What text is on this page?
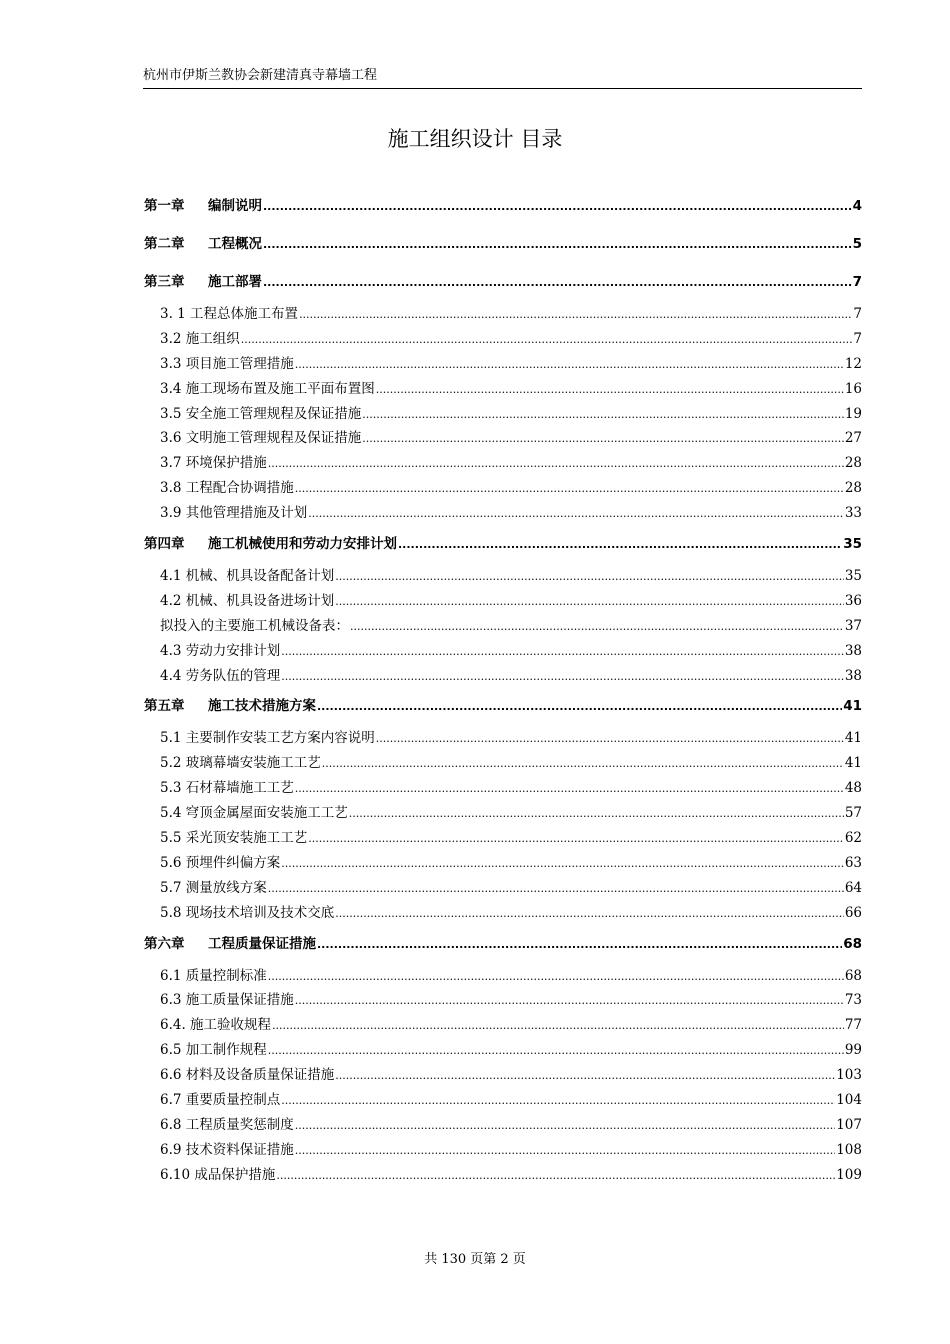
杭州市伊斯兰教协会新建清真寺幕墙工程
施工组织设计 目录
第一章 编制说明 .....	4
第二章 工程概况 .....	5
第三章 施工部署 .....	7
3. 1 工程总体施工布置 .....	7
3.2 施工组织 .....	7
3.3 项目施工管理措施 .....	12
3.4 施工现场布置及施工平面布置图 .....	16
3.5 安全施工管理规程及保证措施 .....	19
3.6 文明施工管理规程及保证措施 .....	27
3.7 环境保护措施 .....	28
3.8 工程配合协调措施 .....	28
3.9 其他管理措施及计划 .....	33
第四章 施工机械使用和劳动力安排计划 .....	35
4.1 机械、机具设备配备计划 .....	35
4.2 机械、机具设备进场计划 .....	36
拟投入的主要施工机械设备表： .....	37
4.3 劳动力安排计划 .....	38
4.4 劳务队伍的管理 .....	38
第五章 施工技术措施方案 .....	41
5.1 主要制作安装工艺方案内容说明 .....	41
5.2 玻璃幕墙安装施工工艺 .....	41
5.3 石材幕墙施工工艺 .....	48
5.4 穹顶金属屋面安装施工工艺 .....	57
5.5 采光顶安装施工工艺 .....	62
5.6 预埋件纠偏方案 .....	63
5.7 测量放线方案 .....	64
5.8 现场技术培训及技术交底 .....	66
第六章 工程质量保证措施 .....	68
6.1 质量控制标准 .....	68
6.3 施工质量保证措施 .....	73
6.4. 施工验收规程 .....	77
6.5 加工制作规程 .....	99
6.6 材料及设备质量保证措施 .....	103
6.7 重要质量控制点 .....	104
6.8 工程质量奖惩制度 .....	107
6.9 技术资料保证措施 .....	108
6.10 成品保护措施 .....	109
共 130 页第 2 页
